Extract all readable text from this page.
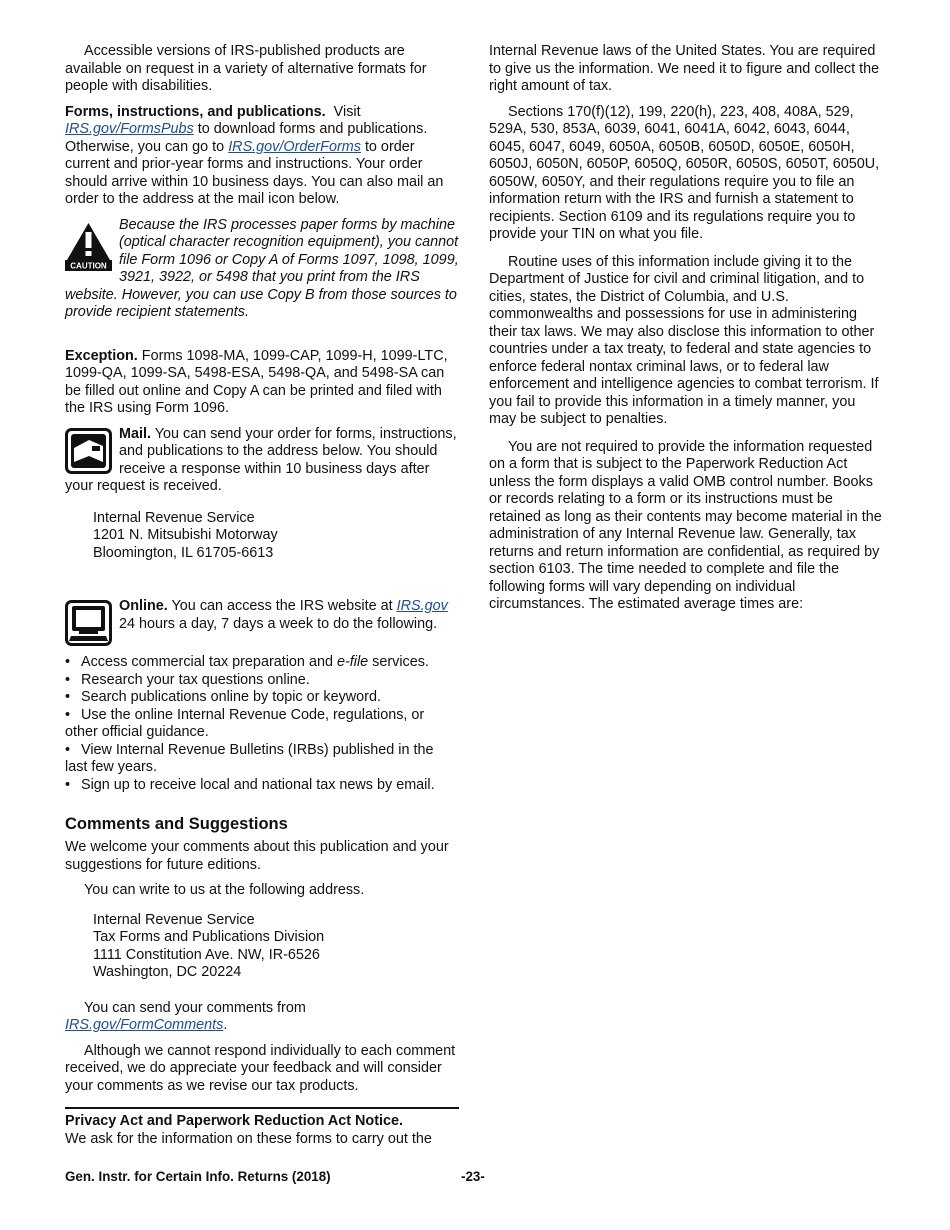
Accessible versions of IRS-published products are available on request in a variety of alternative formats for people with disabilities.

Forms, instructions, and publications. Visit IRS.gov/FormsPubs to download forms and publications. Otherwise, you can go to IRS.gov/OrderForms to order current and prior-year forms and instructions. Your order should arrive within 10 business days. You can also mail an order to the address at the mail icon below.

CAUTION
Because the IRS processes paper forms by machine (optical character recognition equipment), you cannot file Form 1096 or Copy A of Forms 1097, 1098, 1099, 3921, 3922, or 5498 that you print from the IRS website. However, you can use Copy B from those sources to provide recipient statements.

Exception. Forms 1098-MA, 1099-CAP, 1099-H, 1099-LTC, 1099-QA, 1099-SA, 5498-ESA, 5498-QA, and 5498-SA can be filled out online and Copy A can be printed and filed with the IRS using Form 1096.

Mail. You can send your order for forms, instructions, and publications to the address below. You should receive a response within 10 business days after your request is received.
Internal Revenue Service
1201 N. Mitsubishi Motorway
Bloomington, IL 61705-6613
Online. You can access the IRS website at IRS.gov 24 hours a day, 7 days a week to do the following.
• Access commercial tax preparation and e-file services.
• Research your tax questions online.
• Search publications online by topic or keyword.
• Use the online Internal Revenue Code, regulations, or other official guidance.
• View Internal Revenue Bulletins (IRBs) published in the last few years.
• Sign up to receive local and national tax news by email.
Comments and Suggestions

We welcome your comments about this publication and your suggestions for future editions.

You can write to us at the following address.

Internal Revenue Service
Tax Forms and Publications Division
1111 Constitution Ave. NW, IR-6526
Washington, DC 20224

You can send your comments from IRS.gov/FormComments.

Although we cannot respond individually to each comment received, we do appreciate your feedback and will consider your comments as we revise our tax products.

Privacy Act and Paperwork Reduction Act Notice.
We ask for the information on these forms to carry out the

Internal Revenue laws of the United States. You are required to give us the information. We need it to figure and collect the right amount of tax.

Sections 170(f)(12), 199, 220(h), 223, 408, 408A, 529, 529A, 530, 853A, 6039, 6041, 6041A, 6042, 6043, 6044, 6045, 6047, 6049, 6050A, 6050B, 6050D, 6050E, 6050H, 6050J, 6050N, 6050P, 6050Q, 6050R, 6050S, 6050T, 6050U, 6050W, 6050Y, and their regulations require you to file an information return with the IRS and furnish a statement to recipients. Section 6109 and its regulations require you to provide your TIN on what you file.

Routine uses of this information include giving it to the Department of Justice for civil and criminal litigation, and to cities, states, the District of Columbia, and U.S. commonwealths and possessions for use in administering their tax laws. We may also disclose this information to other countries under a tax treaty, to federal and state agencies to enforce federal nontax criminal laws, or to federal law enforcement and intelligence agencies to combat terrorism. If you fail to provide this information in a timely manner, you may be subject to penalties.

You are not required to provide the information requested on a form that is subject to the Paperwork Reduction Act unless the form displays a valid OMB control number. Books or records relating to a form or its instructions must be retained as long as their contents may become material in the administration of any Internal Revenue law. Generally, tax returns and return information are confidential, as required by section 6103. The time needed to complete and file the following forms will vary depending on individual circumstances. The estimated average times are:

Gen. Instr. for Certain Info. Returns (2018)	-23-
